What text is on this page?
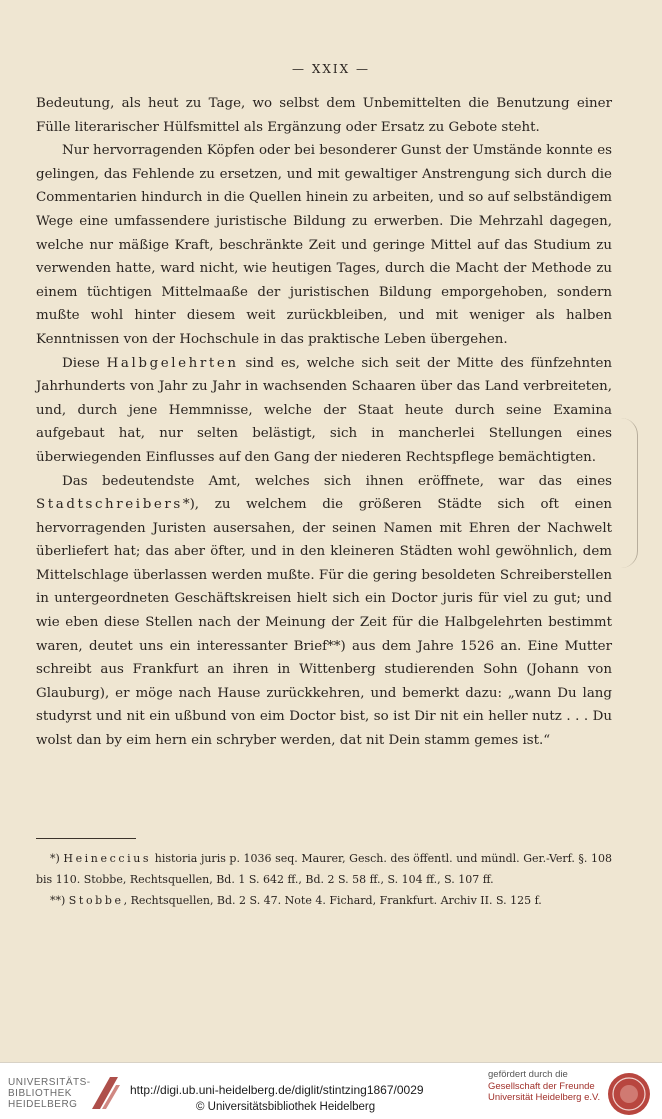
— XXIX —

Bedeutung, als heut zu Tage, wo selbst dem Unbemittelten die Benutzung einer Fülle literarischer Hülfsmittel als Ergänzung oder Ersatz zu Gebote steht.

Nur hervorragenden Köpfen oder bei besonderer Gunst der Umstände konnte es gelingen, das Fehlende zu ersetzen, und mit gewaltiger Anstrengung sich durch die Commentarien hindurch in die Quellen hinein zu arbeiten, und so auf selbständigem Wege eine umfassendere juristische Bildung zu erwerben. Die Mehrzahl dagegen, welche nur mäßige Kraft, beschränkte Zeit und geringe Mittel auf das Studium zu verwenden hatte, ward nicht, wie heutigen Tages, durch die Macht der Methode zu einem tüchtigen Mittelmaaße der juristischen Bildung emporgehoben, sondern mußte wohl hinter diesem weit zurückbleiben, und mit weniger als halben Kenntnissen von der Hochschule in das praktische Leben übergehen.

Diese Halbgelehrten sind es, welche sich seit der Mitte des fünfzehnten Jahrhunderts von Jahr zu Jahr in wachsenden Schaaren über das Land verbreiteten, und, durch jene Hemmnisse, welche der Staat heute durch seine Examina aufgebaut hat, nur selten belästigt, sich in mancherlei Stellungen eines überwiegenden Einflusses auf den Gang der niederen Rechtspflege bemächtigten.

Das bedeutendste Amt, welches sich ihnen eröffnete, war das eines Stadtschreibers*), zu welchem die größeren Städte sich oft einen hervorragenden Juristen ausersahen, der seinen Namen mit Ehren der Nachwelt überliefert hat; das aber öfter, und in den kleineren Städten wohl gewöhnlich, dem Mittelschlage überlassen werden mußte. Für die gering besoldeten Schreiberstellen in untergeordneten Geschäftskreisen hielt sich ein Doctor juris für viel zu gut; und wie eben diese Stellen nach der Meinung der Zeit für die Halbgelehrten bestimmt waren, deutet uns ein interessanter Brief**) aus dem Jahre 1526 an. Eine Mutter schreibt aus Frankfurt an ihren in Wittenberg studierenden Sohn (Johann von Glauburg), er möge nach Hause zurückkehren, und bemerkt dazu: „wann Du lang studyrst und nit ein ußbund von eim Doctor bist, so ist Dir nit ein heller nutz . . . Du wolst dan by eim hern ein schryber werden, dat nit Dein stamm gemes ist.“

*) Heineccius historia juris p. 1036 seq. Maurer, Gesch. des öffentl. und mündl. Ger.-Verf. §. 108 bis 110. Stobbe, Rechtsquellen, Bd. 1 S. 642 ff., Bd. 2 S. 58 ff., S. 104 ff., S. 107 ff.

**) Stobbe, Rechtsquellen, Bd. 2 S. 47. Note 4. Fichard, Frankfurt. Archiv II. S. 125 f.

UNIVERSITÄTS-
BIBLIOTHEK
HEIDELBERG
http://digi.ub.uni-heidelberg.de/diglit/stintzing1867/0029
© Universitätsbibliothek Heidelberg
gefördert durch die
Gesellschaft der Freunde
Universität Heidelberg e.V.
